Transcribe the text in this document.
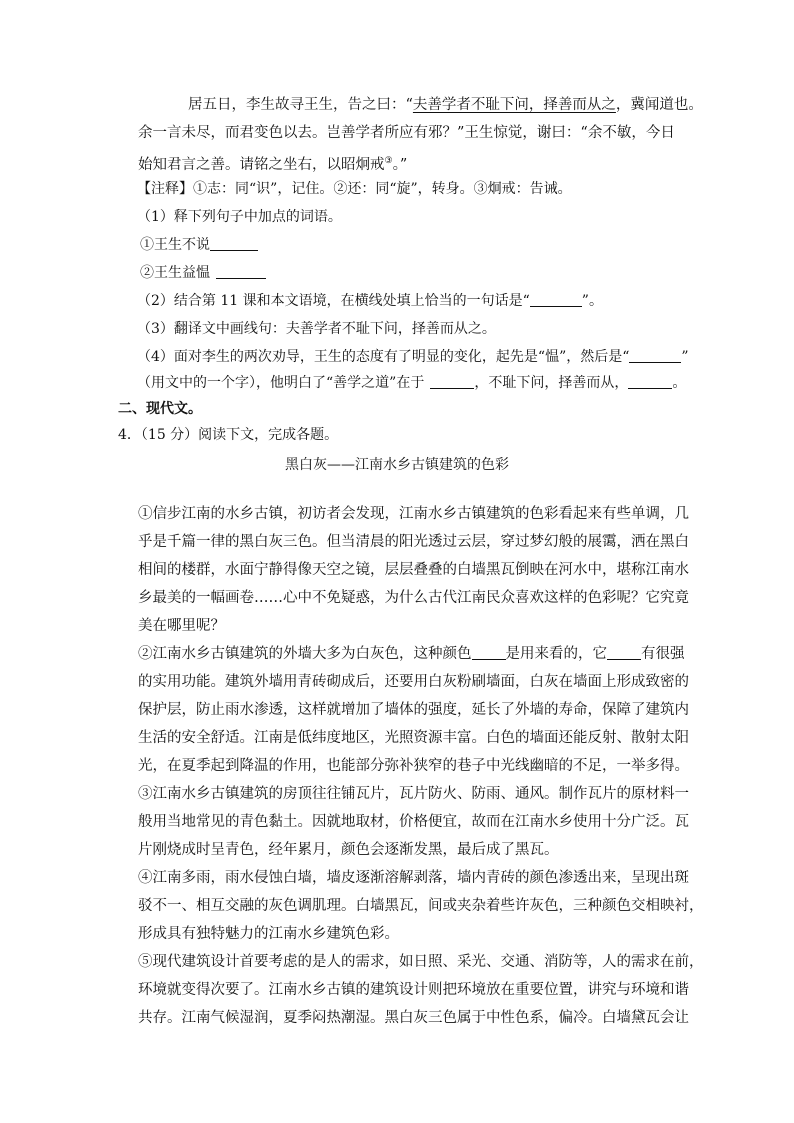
居五日，李生故寻王生，告之曰：“夫善学者不耻下问，择善而从之，冀闻道也。
余一言未尽，而君变色以去。岂善学者所应有邪？”王生惊觉，谢曰：“余不敏，今日
始知君言之善。请铭之坐右，以昭炯戒③。”
【注释】①志：同“识”，记住。②还：同“旋”，转身。③炯戒：告诫。
（1）释下列句子中加点的词语。
①王生不说
②王生益愠
（2）结合第 11 课和本文语境，在横线处填上恰当的一句话是“	”。
（3）翻译文中画线句：夫善学者不耻下问，择善而从之。
（4）面对李生的两次劝导，王生的态度有了明显的变化，起先是“愠”，然后是“	”
（用文中的一个字），他明白了“善学之道”在于	，不耻下问，择善而从，	。
二、现代文。
4．（15 分）阅读下文，完成各题。
黑白灰——江南水乡古镇建筑的色彩
①信步江南的水乡古镇，初访者会发现，江南水乡古镇建筑的色彩看起来有些单调，几
乎是千篇一律的黑白灰三色。但当清晨的阳光透过云层，穿过梦幻般的展霭，洒在黑白
相间的楼群，水面宁静得像天空之镜，层层叠叠的白墙黑瓦倒映在河水中，堪称江南水
乡最美的一幅画卷……心中不免疑惑，为什么古代江南民众喜欢这样的色彩呢？它究竟
美在哪里呢？
②江南水乡古镇建筑的外墙大多为白灰色，这种颜色 是用来看的，它 有很强
的实用功能。建筑外墙用青砖砌成后，还要用白灰粉刷墙面，白灰在墙面上形成致密的
保护层，防止雨水渗透，这样就增加了墙体的强度，延长了外墙的寿命，保障了建筑内
生活的安全舒适。江南是低纬度地区，光照资源丰富。白色的墙面还能反射、散射太阳
光，在夏季起到降温的作用，也能部分弥补狭窄的巷子中光线幽暗的不足，一举多得。
③江南水乡古镇建筑的房顶往往铺瓦片，瓦片防火、防雨、通风。制作瓦片的原材料一
般用当地常见的青色黏土。因就地取材，价格便宜，故而在江南水乡使用十分广泛。瓦
片刚烧成时呈青色，经年累月，颜色会逐渐发黑，最后成了黑瓦。
④江南多雨，雨水侵蚀白墙，墙皮逐渐溶解剥落，墙内青砖的颜色渗透出来，呈现出斑
驳不一、相互交融的灰色调肌理。白墙黑瓦，间或夹杂着些许灰色，三种颜色交相映衬，
形成具有独特魅力的江南水乡建筑色彩。
⑤现代建筑设计首要考虑的是人的需求，如日照、采光、交通、消防等，人的需求在前，
环境就变得次要了。江南水乡古镇的建筑设计则把环境放在重要位置，讲究与环境和谐
共存。江南气候湿润，夏季闷热潮湿。黑白灰三色属于中性色系，偏冷。白墙黛瓦会让
